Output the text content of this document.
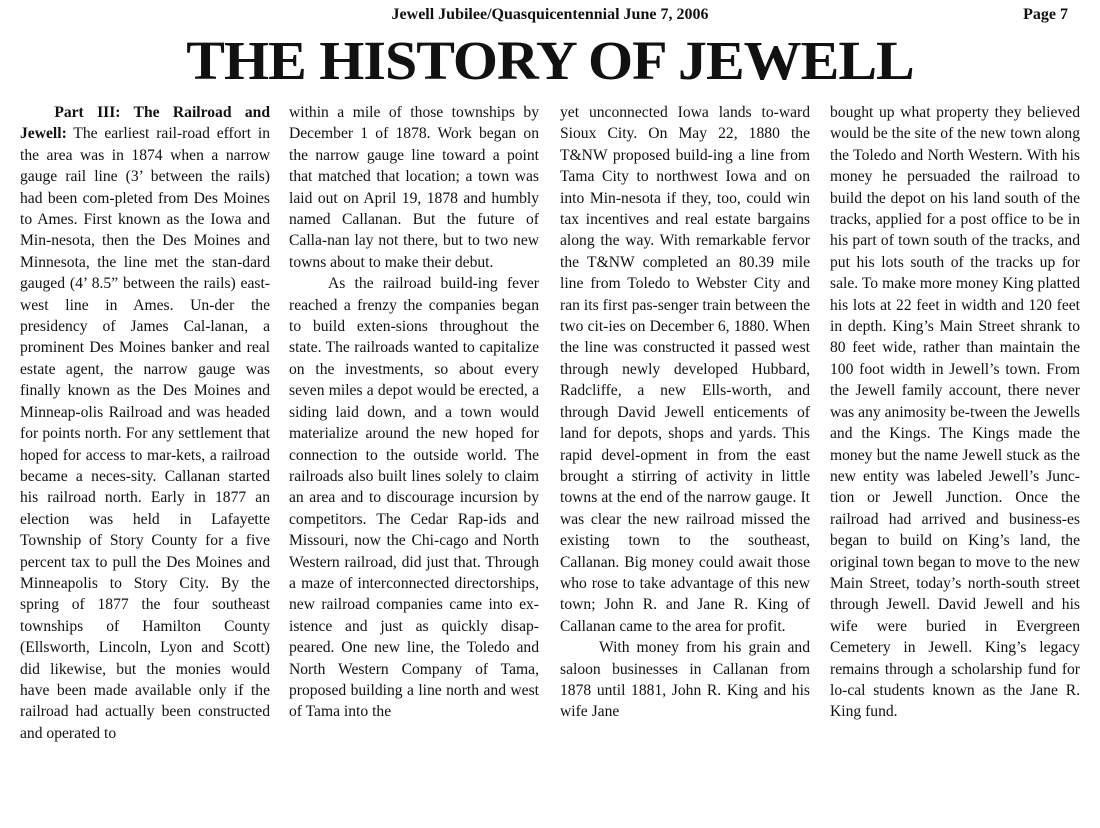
Jewell Jubilee/Quasquicentennial June 7, 2006	Page 7
THE HISTORY OF JEWELL

Part III: The Railroad and Jewell: The earliest rail-road effort in the area was in 1874 when a narrow gauge rail line (3’ between the rails) had been com-pleted from Des Moines to Ames. First known as the Iowa and Min-nesota, then the Des Moines and Minnesota, the line met the stan-dard gauged (4’ 8.5” between the rails) east-west line in Ames. Un-der the presidency of James Cal-lanan, a prominent Des Moines banker and real estate agent, the narrow gauge was finally known as the Des Moines and Minneap-olis Railroad and was headed for points north. For any settlement that hoped for access to mar-kets, a railroad became a neces-sity. Callanan started his railroad north. Early in 1877 an election was held in Lafayette Township of Story County for a five percent tax to pull the Des Moines and Minneapolis to Story City. By the spring of 1877 the four southeast townships of Hamilton County (Ellsworth, Lincoln, Lyon and Scott) did likewise, but the monies would have been made available only if the railroad had actually been constructed and operated to

within a mile of those townships by December 1 of 1878. Work began on the narrow gauge line toward a point that matched that location; a town was laid out on April 19, 1878 and humbly named Callanan. But the future of Calla-nan lay not there, but to two new towns about to make their debut.

As the railroad build-ing fever reached a frenzy the companies began to build exten-sions throughout the state. The railroads wanted to capitalize on the investments, so about every seven miles a depot would be erected, a siding laid down, and a town would materialize around the new hoped for connection to the outside world. The railroads also built lines solely to claim an area and to discourage incursion by competitors. The Cedar Rap-ids and Missouri, now the Chi-cago and North Western railroad, did just that. Through a maze of interconnected directorships, new railroad companies came into ex-istence and just as quickly disap-peared. One new line, the Toledo and North Western Company of Tama, proposed building a line north and west of Tama into the

yet unconnected Iowa lands to-ward Sioux City. On May 22, 1880 the T&NW proposed build-ing a line from Tama City to northwest Iowa and on into Min-nesota if they, too, could win tax incentives and real estate bargains along the way. With remarkable fervor the T&NW completed an 80.39 mile line from Toledo to Webster City and ran its first pas-senger train between the two cit-ies on December 6, 1880. When the line was constructed it passed west through newly developed Hubbard, Radcliffe, a new Ells-worth, and through David Jewell enticements of land for depots, shops and yards. This rapid devel-opment in from the east brought a stirring of activity in little towns at the end of the narrow gauge. It was clear the new railroad missed the existing town to the southeast, Callanan. Big money could await those who rose to take advantage of this new town; John R. and Jane R. King of Callanan came to the area for profit.

With money from his grain and saloon businesses in Callanan from 1878 until 1881, John R. King and his wife Jane

bought up what property they believed would be the site of the new town along the Toledo and North Western. With his money he persuaded the railroad to build the depot on his land south of the tracks, applied for a post office to be in his part of town south of the tracks, and put his lots south of the tracks up for sale. To make more money King platted his lots at 22 feet in width and 120 feet in depth. King’s Main Street shrank to 80 feet wide, rather than maintain the 100 foot width in Jewell’s town. From the Jewell family account, there never was any animosity be-tween the Jewells and the Kings. The Kings made the money but the name Jewell stuck as the new entity was labeled Jewell’s Junc-tion or Jewell Junction. Once the railroad had arrived and business-es began to build on King’s land, the original town began to move to the new Main Street, today’s north-south street through Jewell. David Jewell and his wife were buried in Evergreen Cemetery in Jewell. King’s legacy remains through a scholarship fund for lo-cal students known as the Jane R. King fund.
